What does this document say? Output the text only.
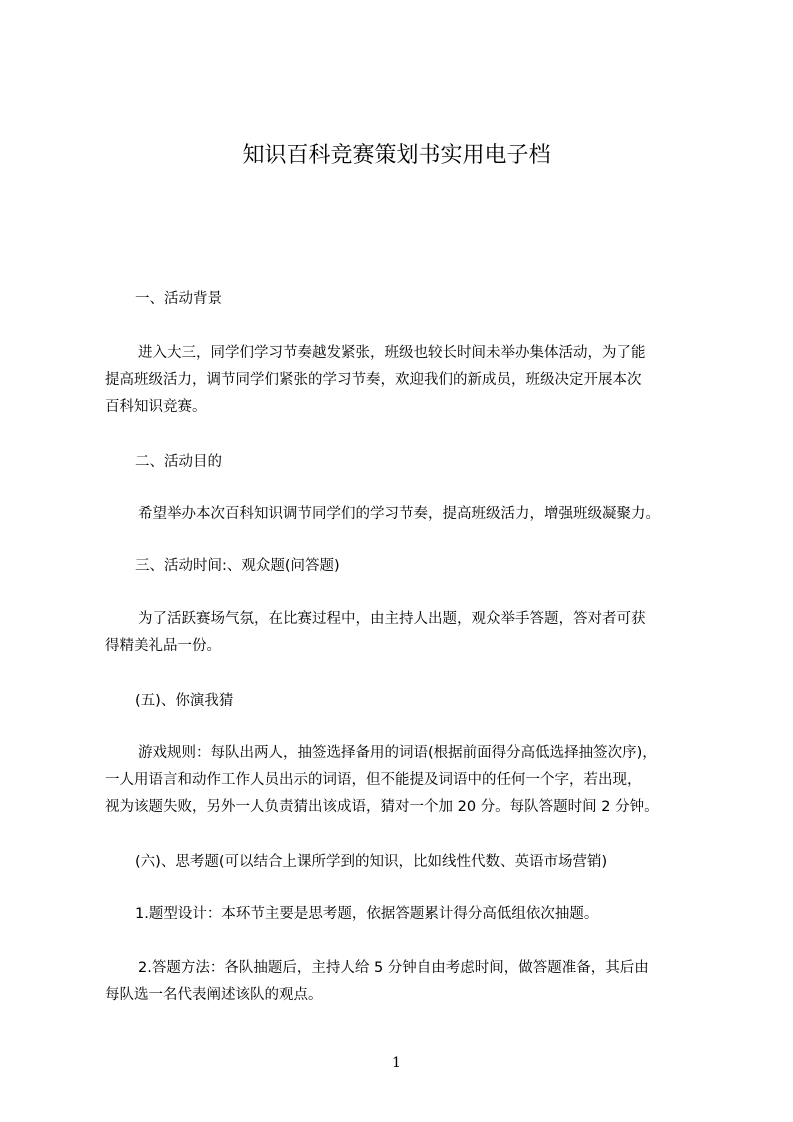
知识百科竞赛策划书实用电子档

一、活动背景

进入大三，同学们学习节奏越发紧张，班级也较长时间未举办集体活动，为了能
提高班级活力，调节同学们紧张的学习节奏，欢迎我们的新成员，班级决定开展本次
百科知识竞赛。

二、活动目的

希望举办本次百科知识调节同学们的学习节奏，提高班级活力，增强班级凝聚力。

三、活动时间:、观众题(问答题)

为了活跃赛场气氛，在比赛过程中，由主持人出题，观众举手答题，答对者可获
得精美礼品一份。

(五)、你演我猜

游戏规则：每队出两人，抽签选择备用的词语(根据前面得分高低选择抽签次序)，
一人用语言和动作工作人员出示的词语，但不能提及词语中的任何一个字，若出现，
视为该题失败，另外一人负责猜出该成语，猜对一个加 20 分。每队答题时间 2 分钟。

(六)、思考题(可以结合上课所学到的知识，比如线性代数、英语市场营销)

1.题型设计：本环节主要是思考题，依据答题累计得分高低组依次抽题。

2.答题方法：各队抽题后，主持人给 5 分钟自由考虑时间，做答题准备，其后由
每队选一名代表阐述该队的观点。
1
